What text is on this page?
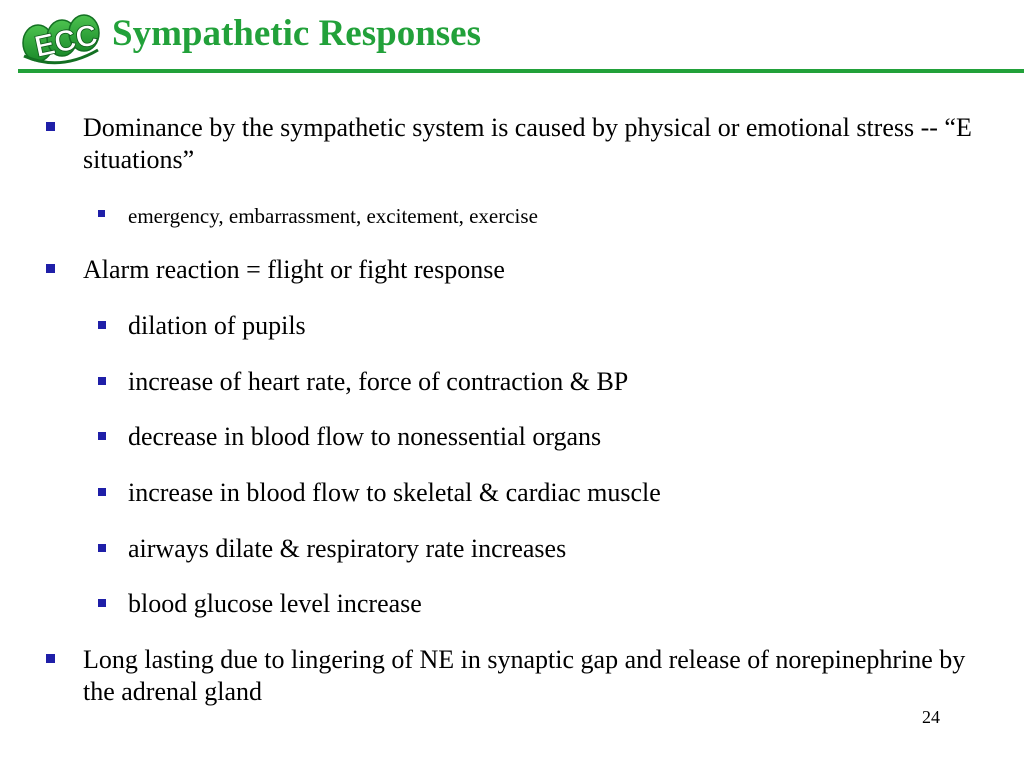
ECC Sympathetic Responses
Dominance by the sympathetic system is caused by physical or emotional stress -- “E situations”
emergency, embarrassment, excitement, exercise
Alarm reaction = flight or fight response
dilation of pupils
increase of heart rate, force of contraction & BP
decrease in blood flow to nonessential organs
increase in blood flow to skeletal & cardiac muscle
airways dilate & respiratory rate increases
blood glucose level increase
Long lasting due to lingering of NE in synaptic gap and release of norepinephrine by the adrenal gland
24
